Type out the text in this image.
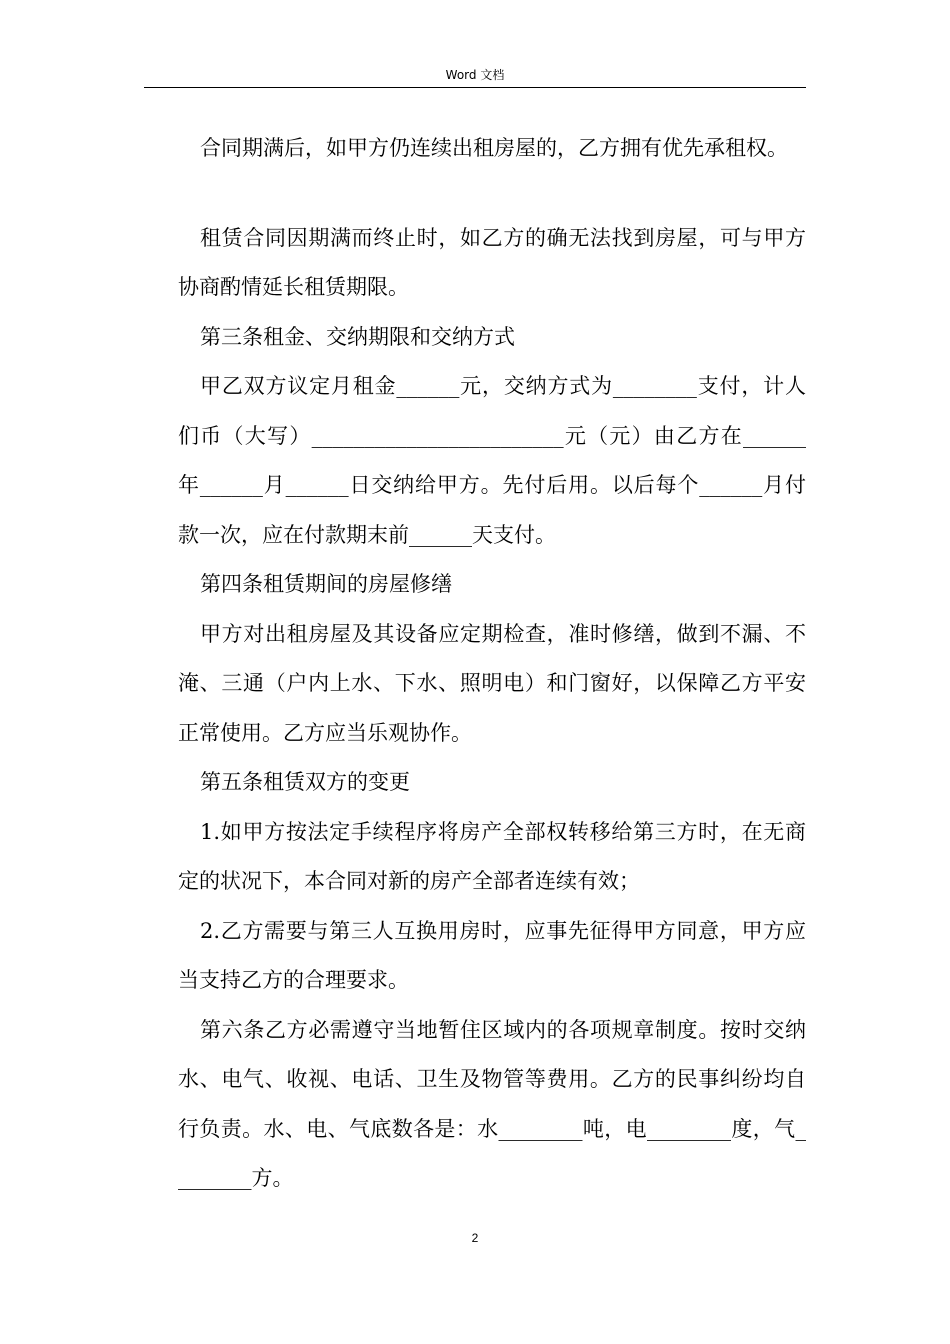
Word 文档

合同期满后，如甲方仍连续出租房屋的，乙方拥有优先承租权。

租赁合同因期满而终止时，如乙方的确无法找到房屋，可与甲方协商酌情延长租赁期限。

第三条租金、交纳期限和交纳方式

甲乙双方议定月租金______元，交纳方式为________支付，计人们币（大写）________________________元（元）由乙方在______年______月______日交纳给甲方。先付后用。以后每个______月付款一次，应在付款期末前______天支付。

第四条租赁期间的房屋修缮

甲方对出租房屋及其设备应定期检查，准时修缮，做到不漏、不淹、三通（户内上水、下水、照明电）和门窗好，以保障乙方平安正常使用。乙方应当乐观协作。

第五条租赁双方的变更

1.如甲方按法定手续程序将房产全部权转移给第三方时，在无商定的状况下，本合同对新的房产全部者连续有效；

2.乙方需要与第三人互换用房时，应事先征得甲方同意，甲方应当支持乙方的合理要求。

第六条乙方必需遵守当地暂住区域内的各项规章制度。按时交纳水、电气、收视、电话、卫生及物管等费用。乙方的民事纠纷均自行负责。水、电、气底数各是：水________吨，电________度，气________方。

2
